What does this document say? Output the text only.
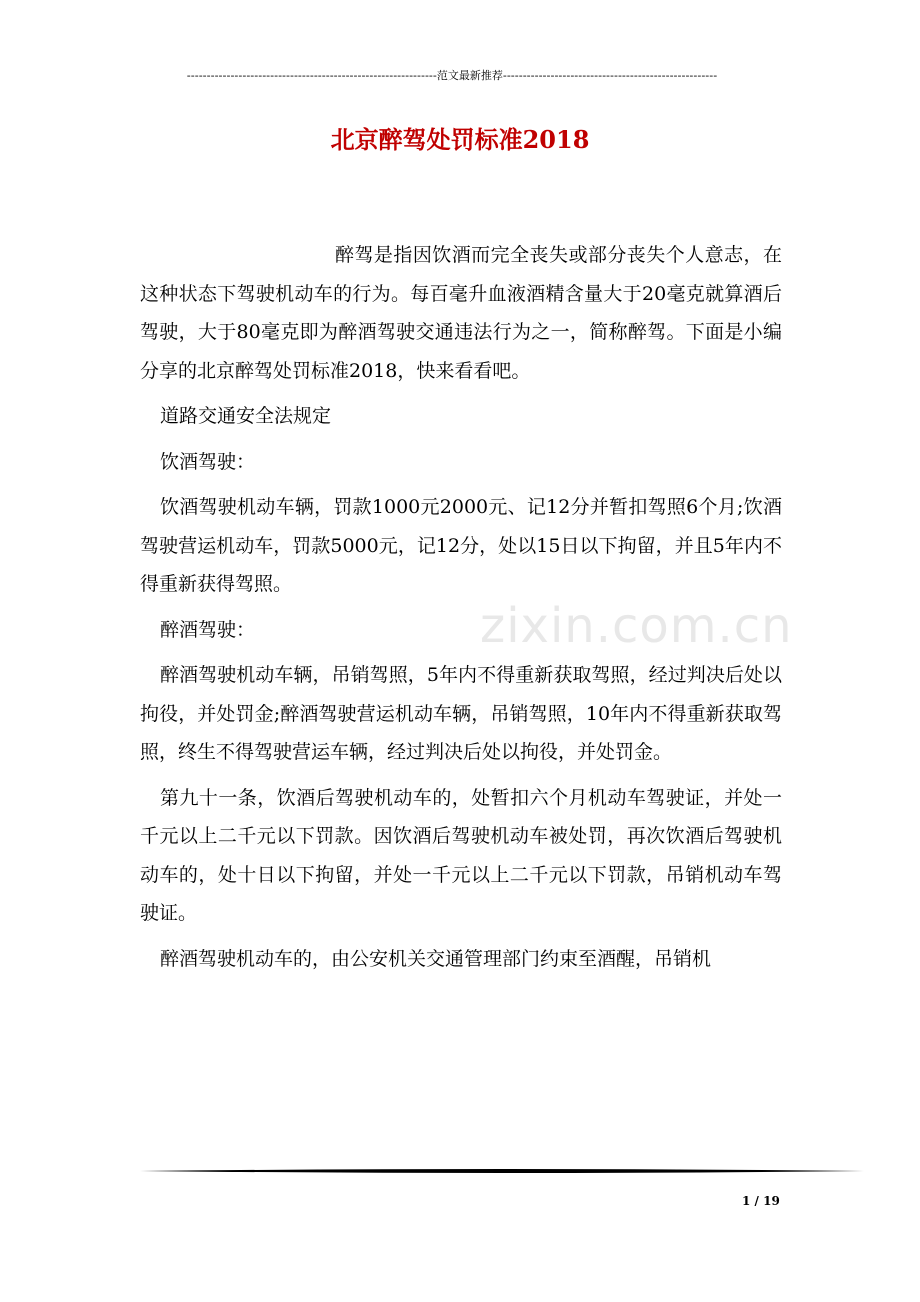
---------------------------------------------------------------范文最新推荐------------------------------------------------------
北京醉驾处罚标准2018
zixin.com.cn

醉驾是指因饮酒而完全丧失或部分丧失个人意志，在这种状态下驾驶机动车的行为。每百毫升血液酒精含量大于20毫克就算酒后驾驶，大于80毫克即为醉酒驾驶交通违法行为之一，简称醉驾。下面是小编分享的北京醉驾处罚标准2018，快来看看吧。

道路交通安全法规定

饮酒驾驶：

饮酒驾驶机动车辆，罚款1000元2000元、记12分并暂扣驾照6个月;饮酒驾驶营运机动车，罚款5000元，记12分，处以15日以下拘留，并且5年内不得重新获得驾照。

醉酒驾驶：

醉酒驾驶机动车辆，吊销驾照，5年内不得重新获取驾照，经过判决后处以拘役，并处罚金;醉酒驾驶营运机动车辆，吊销驾照，10年内不得重新获取驾照，终生不得驾驶营运车辆，经过判决后处以拘役，并处罚金。

第九十一条，饮酒后驾驶机动车的，处暂扣六个月机动车驾驶证，并处一千元以上二千元以下罚款。因饮酒后驾驶机动车被处罚，再次饮酒后驾驶机动车的，处十日以下拘留，并处一千元以上二千元以下罚款，吊销机动车驾驶证。

醉酒驾驶机动车的，由公安机关交通管理部门约束至酒醒，吊销机

1 / 19
